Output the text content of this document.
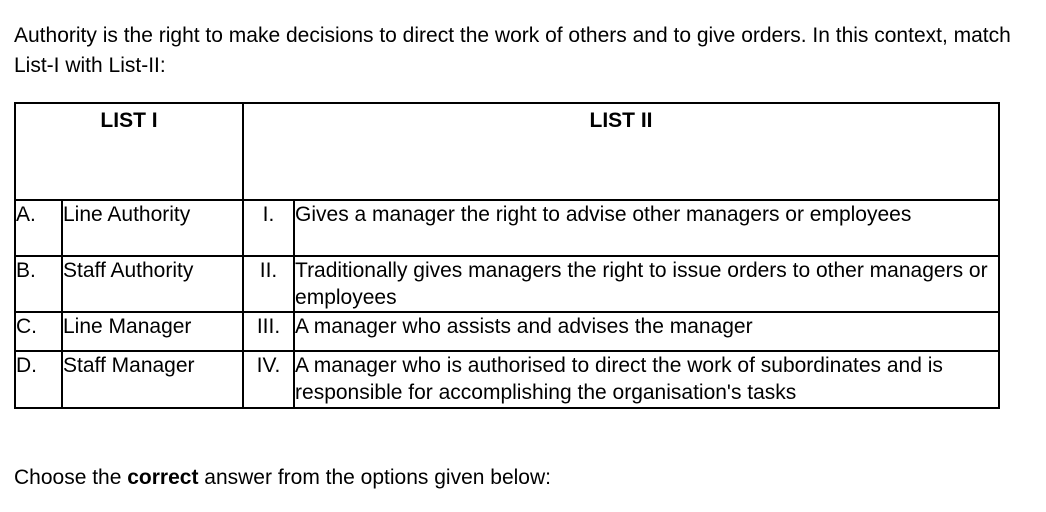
Authority is the right to make decisions to direct the work of others and to give orders. In this context, match List-I with List-II:
LIST I		LIST II	
A.	Line Authority	I.	Gives a manager the right to advise other managers or employees
B.	Staff Authority	II.	Traditionally gives managers the right to issue orders to other managers or employees
C.	Line Manager	III.	A manager who assists and advises the manager
D.	Staff Manager	IV.	A manager who is authorised to direct the work of subordinates and is responsible for accomplishing the organisation's tasks
Choose the correct answer from the options given below:
